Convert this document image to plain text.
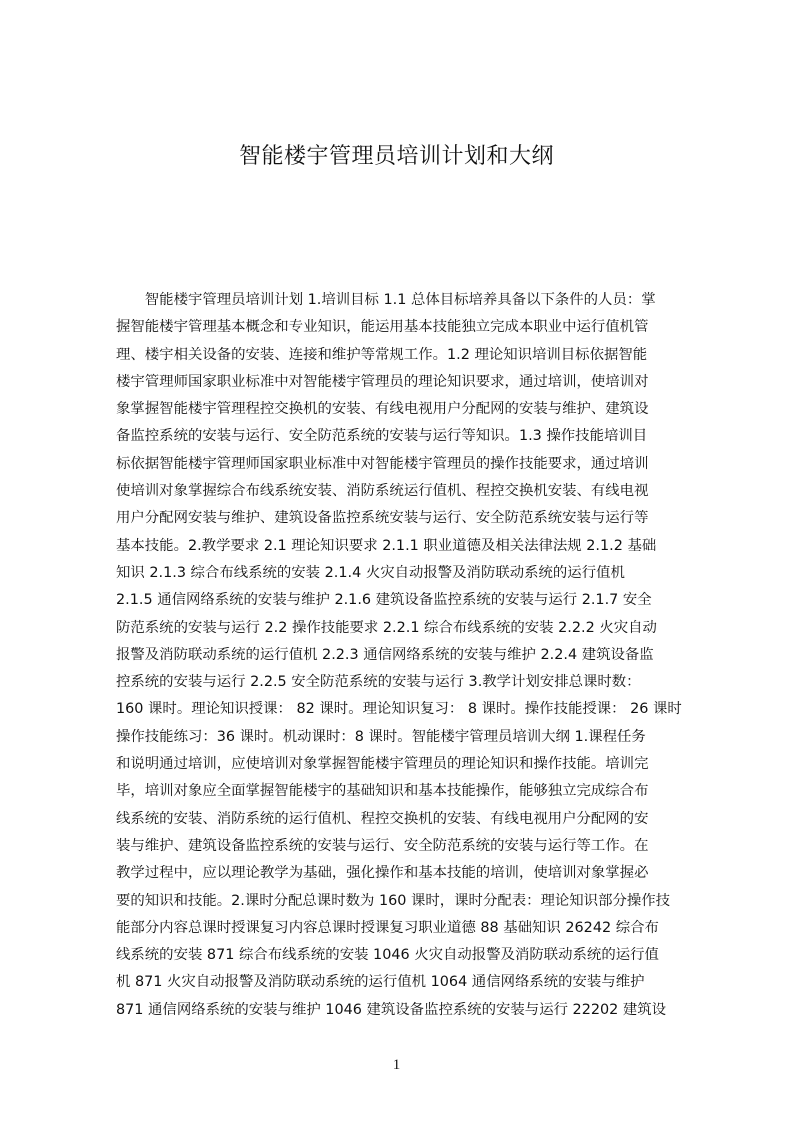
智能楼宇管理员培训计划和大纲
　　智能楼宇管理员培训计划 1.培训目标 1.1 总体目标培养具备以下条件的人员：掌
握智能楼宇管理基本概念和专业知识，能运用基本技能独立完成本职业中运行值机管
理、楼宇相关设备的安装、连接和维护等常规工作。1.2 理论知识培训目标依据智能
楼宇管理师国家职业标准中对智能楼宇管理员的理论知识要求，通过培训，使培训对
象掌握智能楼宇管理程控交换机的安装、有线电视用户分配网的安装与维护、建筑设
备监控系统的安装与运行、安全防范系统的安装与运行等知识。1.3 操作技能培训目
标依据智能楼宇管理师国家职业标准中对智能楼宇管理员的操作技能要求，通过培训
使培训对象掌握综合布线系统安装、消防系统运行值机、程控交换机安装、有线电视
用户分配网安装与维护、建筑设备监控系统安装与运行、安全防范系统安装与运行等
基本技能。2.教学要求 2.1 理论知识要求 2.1.1 职业道德及相关法律法规 2.1.2 基础
知识 2.1.3 综合布线系统的安装 2.1.4 火灾自动报警及消防联动系统的运行值机
2.1.5 通信网络系统的安装与维护 2.1.6 建筑设备监控系统的安装与运行 2.1.7 安全
防范系统的安装与运行 2.2 操作技能要求 2.2.1 综合布线系统的安装 2.2.2 火灾自动
报警及消防联动系统的运行值机 2.2.3 通信网络系统的安装与维护 2.2.4 建筑设备监
控系统的安装与运行 2.2.5 安全防范系统的安装与运行 3.教学计划安排总课时数：
160 课时。理论知识授课： 82 课时。理论知识复习： 8 课时。操作技能授课： 26 课时
操作技能练习：36 课时。机动课时：8 课时。智能楼宇管理员培训大纲 1.课程任务
和说明通过培训，应使培训对象掌握智能楼宇管理员的理论知识和操作技能。培训完
毕，培训对象应全面掌握智能楼宇的基础知识和基本技能操作，能够独立完成综合布
线系统的安装、消防系统的运行值机、程控交换机的安装、有线电视用户分配网的安
装与维护、建筑设备监控系统的安装与运行、安全防范系统的安装与运行等工作。在
教学过程中，应以理论教学为基础，强化操作和基本技能的培训，使培训对象掌握必
要的知识和技能。2.课时分配总课时数为 160 课时，课时分配表：理论知识部分操作技
能部分内容总课时授课复习内容总课时授课复习职业道德 88 基础知识 26242 综合布
线系统的安装 871 综合布线系统的安装 1046 火灾自动报警及消防联动系统的运行值
机 871 火灾自动报警及消防联动系统的运行值机 1064 通信网络系统的安装与维护
871 通信网络系统的安装与维护 1046 建筑设备监控系统的安装与运行 22202 建筑设
1
